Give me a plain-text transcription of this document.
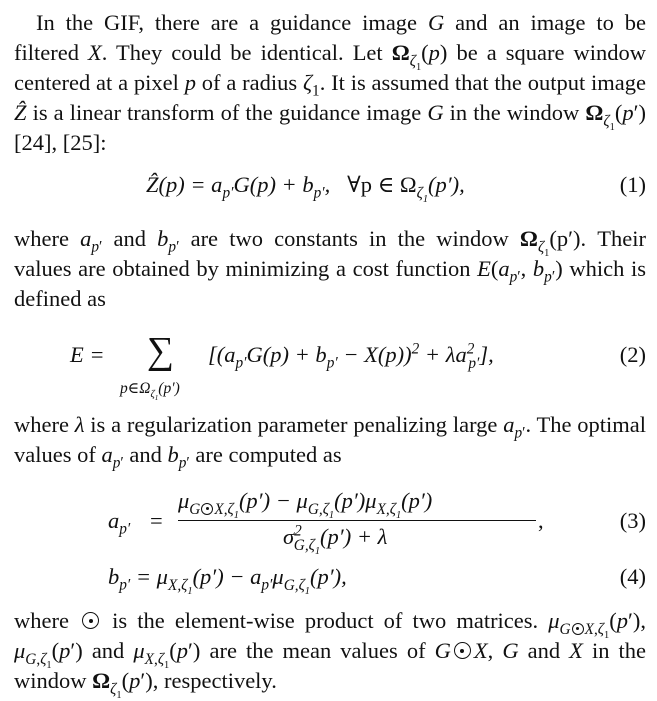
In the GIF, there are a guidance image G and an image to be filtered X. They could be identical. Let $\Omega_{\zeta_1}(p)$ be a square window centered at a pixel p of a radius $\zeta_1$. It is assumed that the output image Ẑ is a linear transform of the guidance image G in the window $\Omega_{\zeta_1}(p')$ [24], [25]:

Ẑ(p) = $a_{p'}G(p) + b_{p'}$,   ∀p ∈ $\Omega_{\zeta_1}(p')$,	(1)

where $a_{p'}$ and $b_{p'}$ are two constants in the window $\Omega_{\zeta_1}(p')$. Their values are obtained by minimizing a cost function $E(a_{p'}$, $b_{p'}$) which is defined as

E = ∑
$p\in\Omega_{\zeta_1}(p')$
$[(a_{p'}G(p) + b_{p'} - X(p))^2 + \lambda a^2_{p'}]$,	(2)

where λ is a regularization parameter penalizing large $a_{p'}$. The optimal values of $a_{p'}$ and $b_{p'}$ are computed as

$a_{p'}$ =
$\mu_{G X,\zeta_1}(p') - \mu_{G,\zeta_1}(p')\mu_{X,\zeta_1}(p')$
$\sigma^2_{G,\zeta_1}(p') + \lambda$
,	(3)
$b_{p'} = \mu_{X,\zeta_1}(p') - a_{p'}\mu_{G,\zeta_1}(p')$,	(4)

where  is the element-wise product of two matrices. $\mu_{G X,\zeta_1}(p')$, $\mu_{G,\zeta_1}(p')$ and $\mu_{X,\zeta_1}(p')$ are the mean values of G X, G and X in the window $\Omega_{\zeta_1}(p')$, respectively.
